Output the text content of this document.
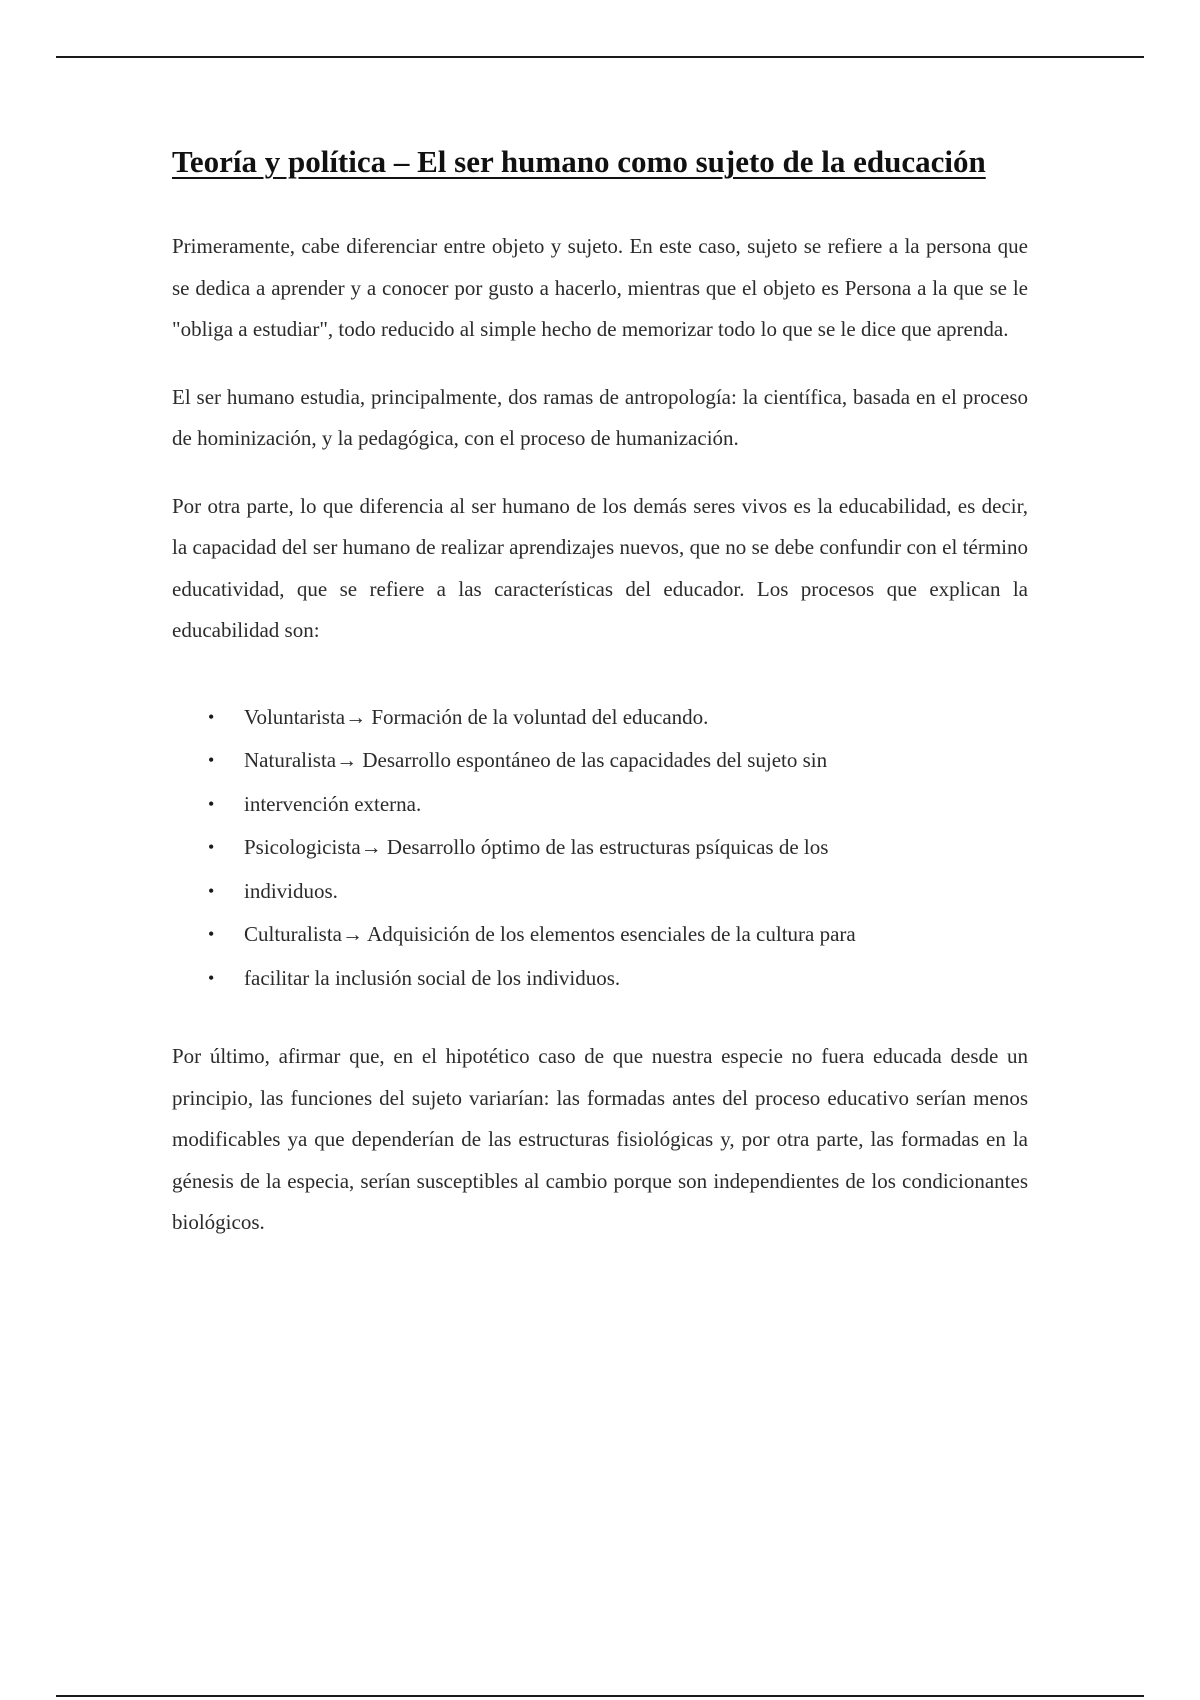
Teoría y política – El ser humano como sujeto de la educación

Primeramente, cabe diferenciar entre objeto y sujeto. En este caso, sujeto se refiere a la persona que se dedica a aprender y a conocer por gusto a hacerlo, mientras que el objeto es Persona a la que se le "obliga a estudiar", todo reducido al simple hecho de memorizar todo lo que se le dice que aprenda.

El ser humano estudia, principalmente, dos ramas de antropología: la científica, basada en el proceso de hominización, y la pedagógica, con el proceso de humanización.

Por otra parte, lo que diferencia al ser humano de los demás seres vivos es la educabilidad, es decir, la capacidad del ser humano de realizar aprendizajes nuevos, que no se debe confundir con el término educatividad, que se refiere a las características del educador. Los procesos que explican la educabilidad son:

• Voluntarista→ Formación de la voluntad del educando.
• Naturalista→ Desarrollo espontáneo de las capacidades del sujeto sin
• intervención externa.
• Psicologicista→ Desarrollo óptimo de las estructuras psíquicas de los
• individuos.
• Culturalista→ Adquisición de los elementos esenciales de la cultura para
• facilitar la inclusión social de los individuos.

Por último, afirmar que, en el hipotético caso de que nuestra especie no fuera educada desde un principio, las funciones del sujeto variarían: las formadas antes del proceso educativo serían menos modificables ya que dependerían de las estructuras fisiológicas y, por otra parte, las formadas en la génesis de la especia, serían susceptibles al cambio porque son independientes de los condicionantes biológicos.
